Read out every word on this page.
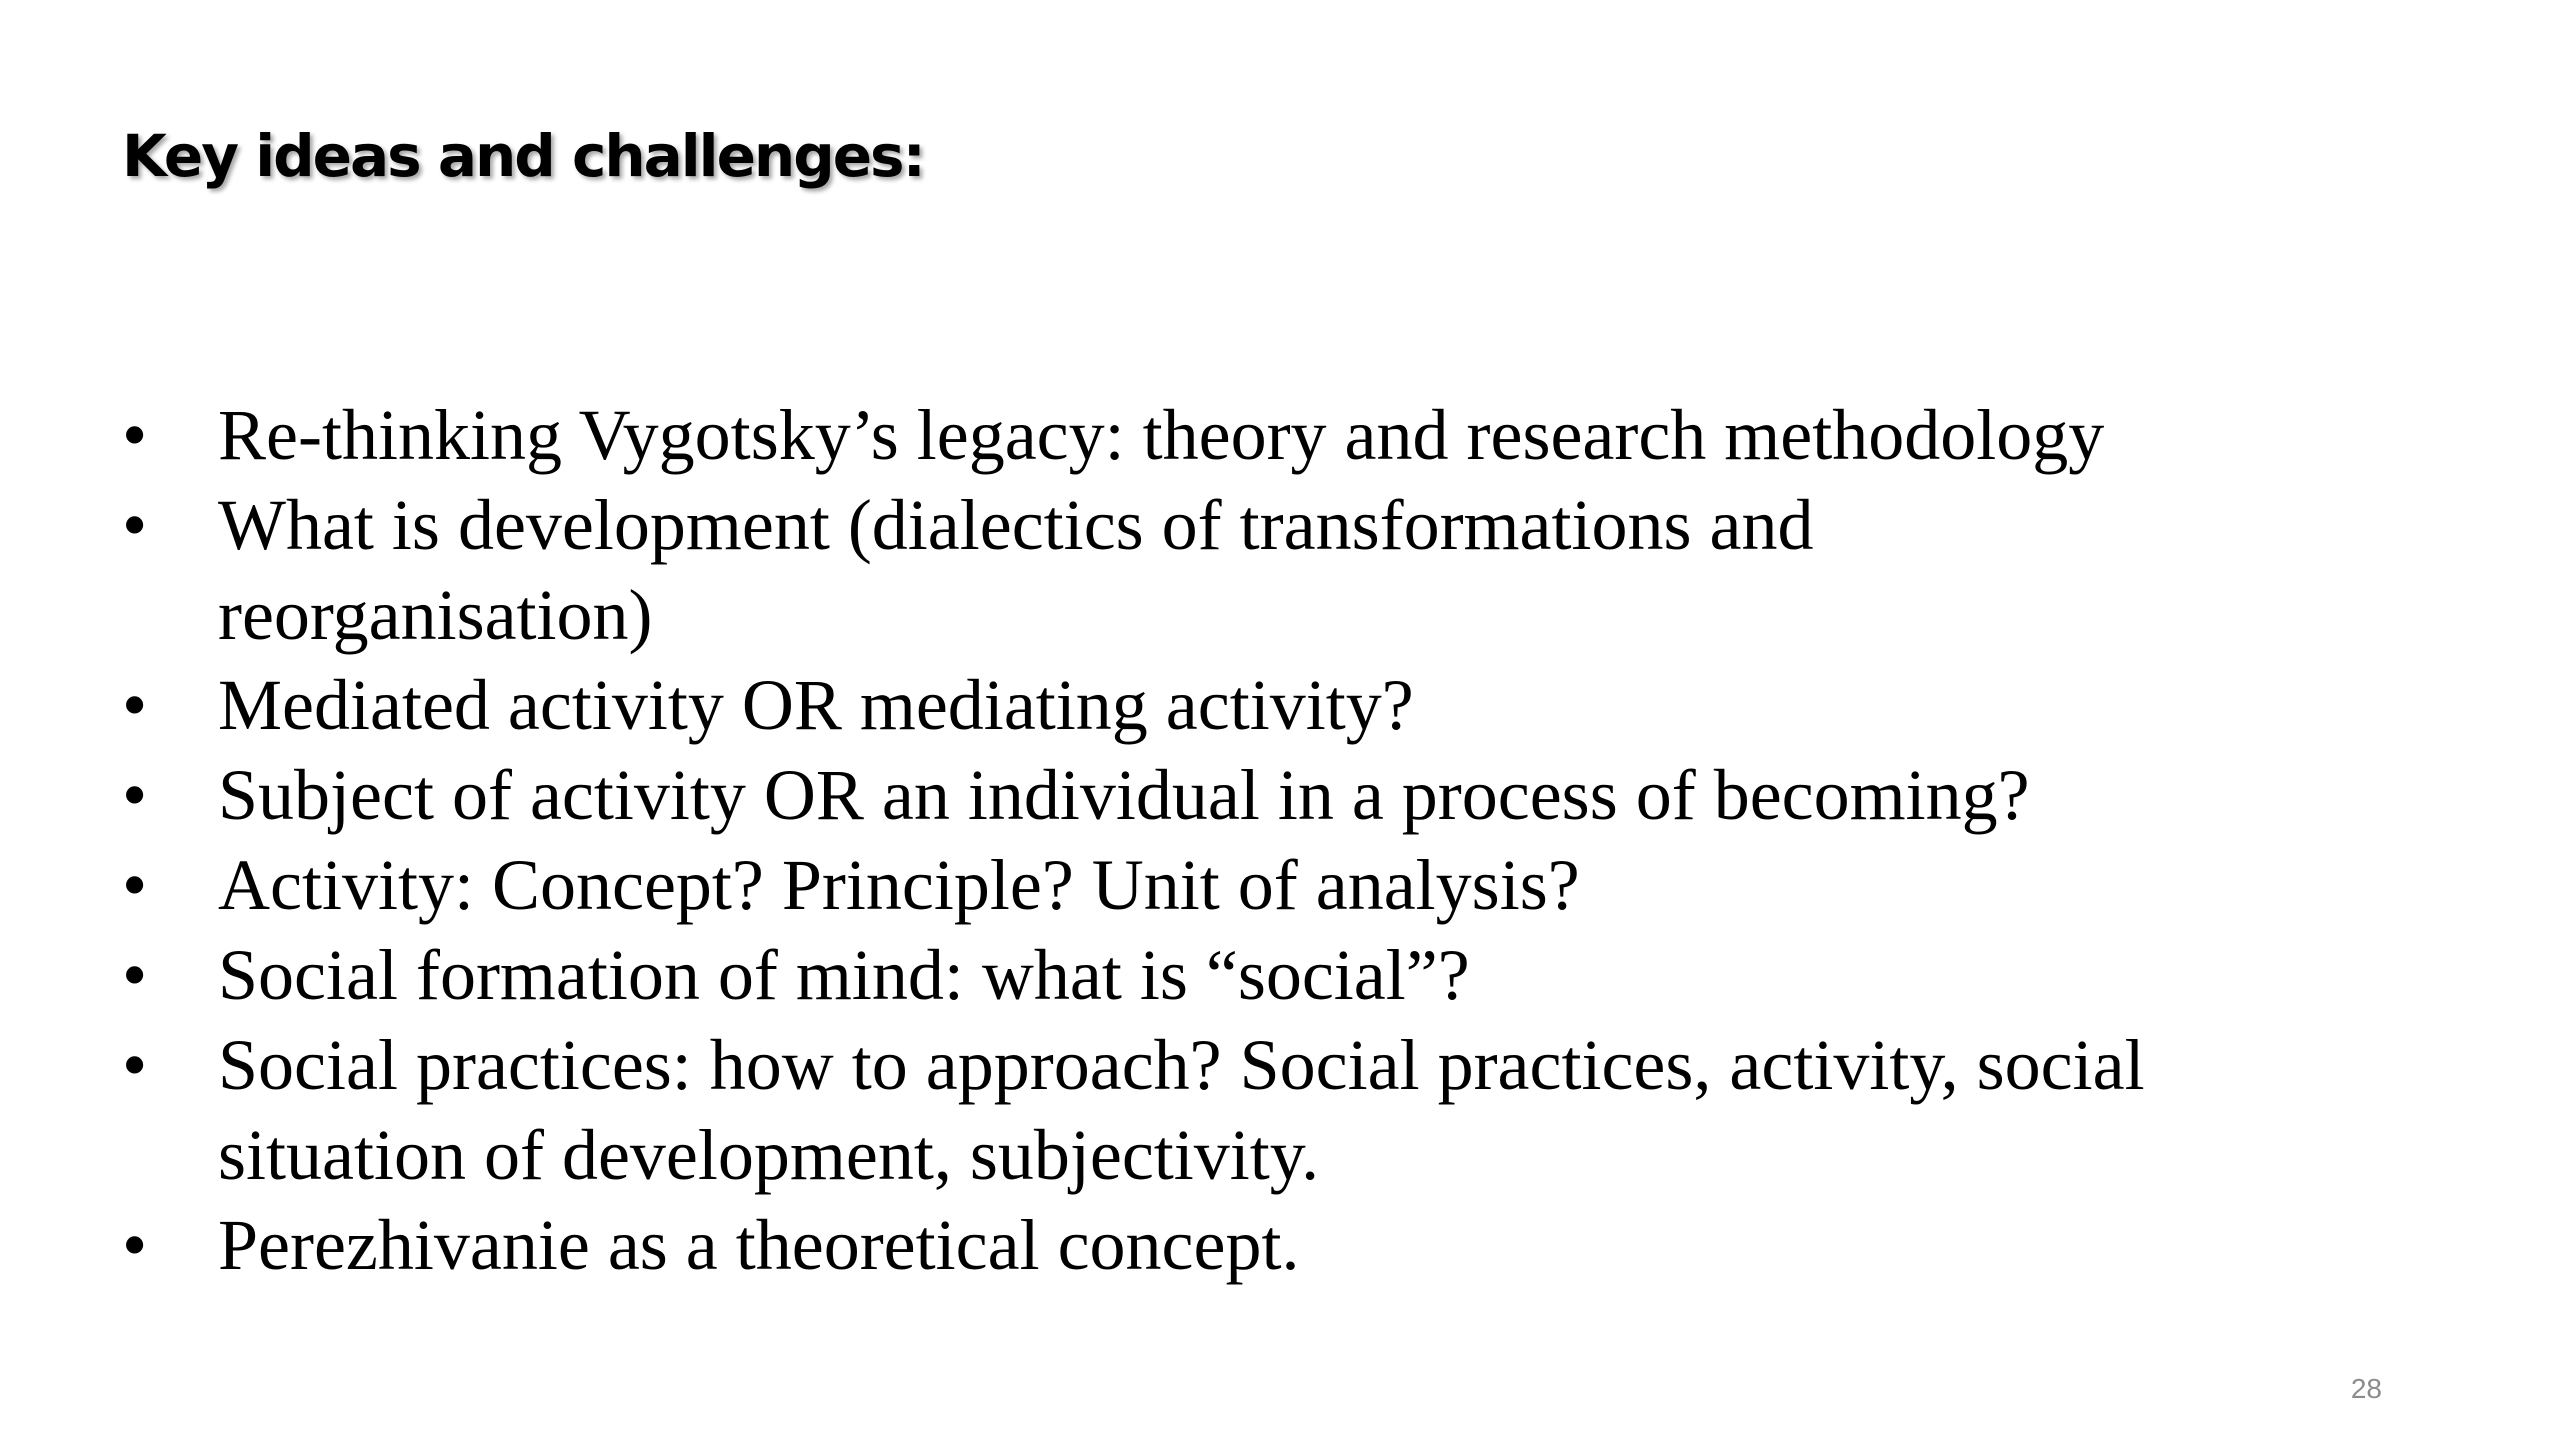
Key ideas and challenges:
• Re-thinking Vygotsky’s legacy: theory and research methodology
• What is development (dialectics of transformations and reorganisation)
• Mediated activity OR mediating activity?
• Subject of activity OR an individual in a process of becoming?
• Activity: Concept? Principle? Unit of analysis?
• Social formation of mind: what is “social”?
• Social practices: how to approach? Social practices, activity, social situation of development, subjectivity.
• Perezhivanie as a theoretical concept.
28
